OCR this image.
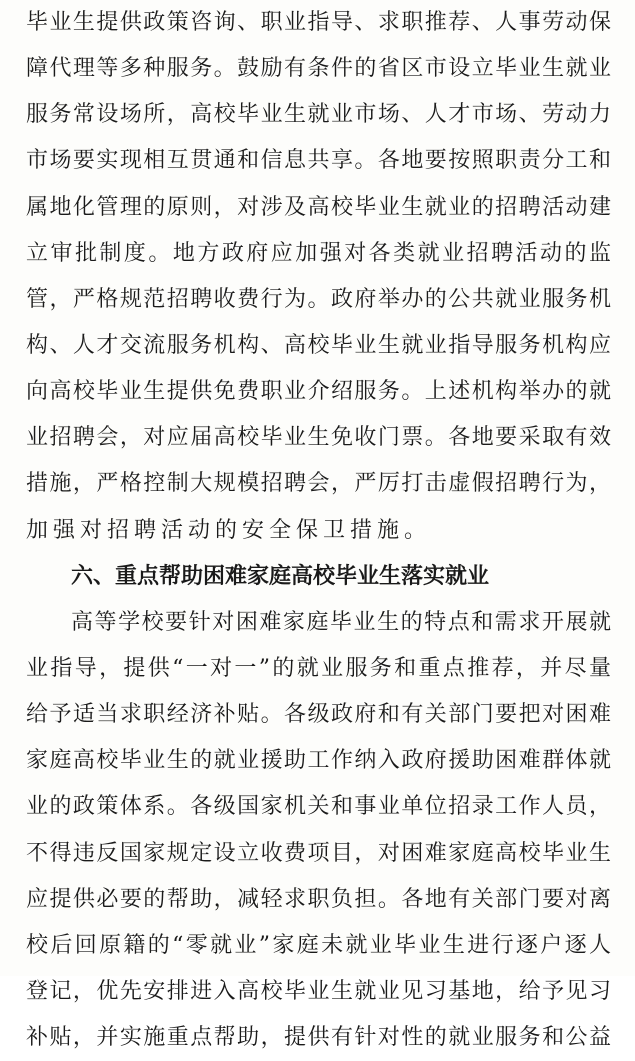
毕业生提供政策咨询、职业指导、求职推荐、人事劳动保
障代理等多种服务。鼓励有条件的省区市设立毕业生就业
服务常设场所，高校毕业生就业市场、人才市场、劳动力
市场要实现相互贯通和信息共享。各地要按照职责分工和
属地化管理的原则，对涉及高校毕业生就业的招聘活动建
立审批制度。地方政府应加强对各类就业招聘活动的监
管，严格规范招聘收费行为。政府举办的公共就业服务机
构、人才交流服务机构、高校毕业生就业指导服务机构应
向高校毕业生提供免费职业介绍服务。上述机构举办的就
业招聘会，对应届高校毕业生免收门票。各地要采取有效
措施，严格控制大规模招聘会，严厉打击虚假招聘行为，
加强对招聘活动的安全保卫措施。
六、重点帮助困难家庭高校毕业生落实就业
高等学校要针对困难家庭毕业生的特点和需求开展就
业指导，提供“一对一”的就业服务和重点推荐，并尽量
给予适当求职经济补贴。各级政府和有关部门要把对困难
家庭高校毕业生的就业援助工作纳入政府援助困难群体就
业的政策体系。各级国家机关和事业单位招录工作人员，
不得违反国家规定设立收费项目，对困难家庭高校毕业生
应提供必要的帮助，减轻求职负担。各地有关部门要对离
校后回原籍的“零就业”家庭未就业毕业生进行逐户逐人
登记，优先安排进入高校毕业生就业见习基地，给予见习
补贴，并实施重点帮助，提供有针对性的就业服务和公益
